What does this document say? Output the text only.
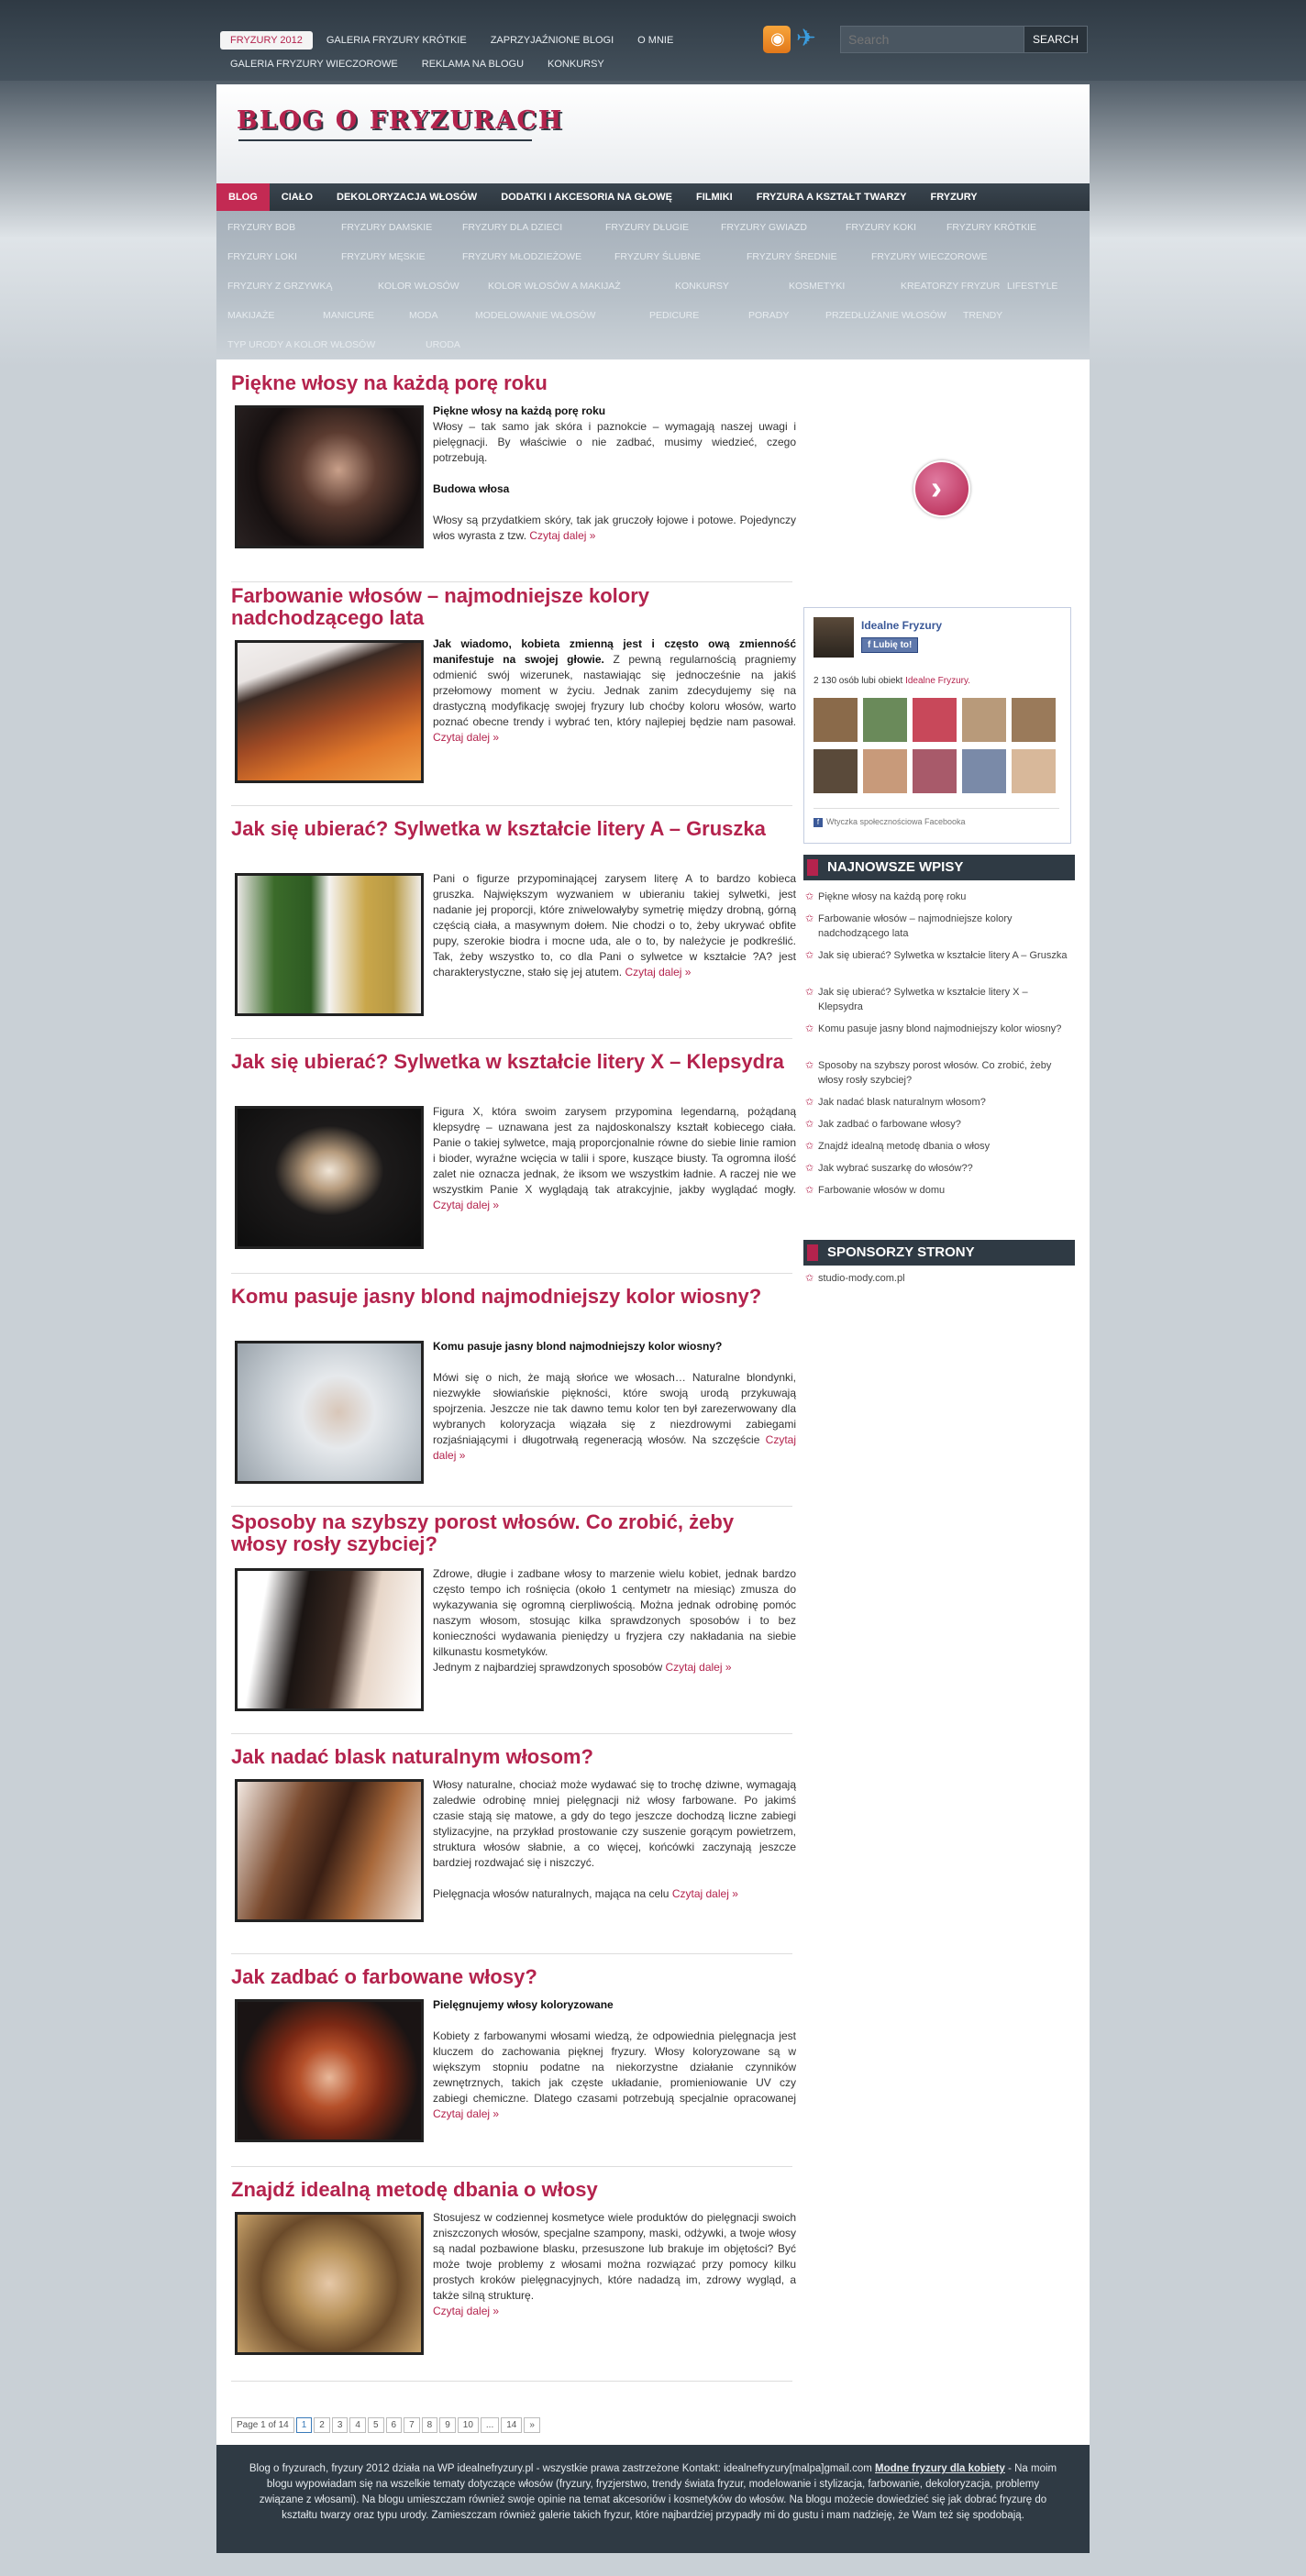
FRYZURY 2012 GALERIA FRYZURY KRÓTKIE ZAPRZYJAŹNIONE BLOGI O MNIEGALERIA FRYZURY WIECZOROWE REKLAMA NA BLOGU KONKURSY
◉ ✈
Search	SEARCH
BLOG O FRYZURACH
BLOG CIAŁO DEKOLORYZACJA WŁOSÓW DODATKI I AKCESORIA NA GŁOWĘ FILMIKI FRYZURA A KSZTAŁT TWARZY FRYZURY
FRYZURY BOB	FRYZURY DAMSKIE	FRYZURY DLA DZIECI	FRYZURY DŁUGIE	FRYZURY GWIAZD	FRYZURY KOKI	FRYZURY KRÓTKIE
FRYZURY LOKI	FRYZURY MĘSKIE	FRYZURY MŁODZIEŻOWE	FRYZURY ŚLUBNE	FRYZURY ŚREDNIE	FRYZURY WIECZOROWE
FRYZURY Z GRZYWKĄ	KOLOR WŁOSÓW	KOLOR WŁOSÓW A MAKIJAŻ	KONKURSY	KOSMETYKI	KREATORZY FRYZUR LIFESTYLE
MAKIJAŻE	MANICURE	MODA	MODELOWANIE WŁOSÓW	PEDICURE	PORADY	PRZEDŁUŻANIE WŁOSÓW TRENDY
TYP URODY A KOLOR WŁOSÓW	URODA
Piękne włosy na każdą porę roku
Piękne włosy na każdą porę roku
Włosy – tak samo jak skóra i paznokcie – wymagają naszej uwagi i pielęgnacji. By właściwie o nie zadbać, musimy wiedzieć, czego potrzebują.

Budowa włosa

Włosy są przydatkiem skóry, tak jak gruczoły łojowe i potowe. Pojedynczy włos wyrasta z tzw. Czytaj dalej »
›
Farbowanie włosów – najmodniejsze kolory nadchodzącego lata
Jak wiadomo, kobieta zmienną jest i często ową zmienność manifestuje na swojej głowie. Z pewną regularnością pragniemy odmienić swój wizerunek, nastawiając się jednocześnie na jakiś przełomowy moment w życiu. Jednak zanim zdecydujemy się na drastyczną modyfikację swojej fryzury lub choćby koloru włosów, warto poznać obecne trendy i wybrać ten, który najlepiej będzie nam pasował. Czytaj dalej »
Jak się ubierać? Sylwetka w kształcie litery A – Gruszka
Pani o figurze przypominającej zarysem literę A to bardzo kobieca gruszka. Największym wyzwaniem w ubieraniu takiej sylwetki, jest nadanie jej proporcji, które zniwelowałyby symetrię między drobną, górną częścią ciała, a masywnym dołem. Nie chodzi o to, żeby ukrywać obfite pupy, szerokie biodra i mocne uda, ale o to, by należycie je podkreślić. Tak, żeby wszystko to, co dla Pani o sylwetce w kształcie ?A? jest charakterystyczne, stało się jej atutem. Czytaj dalej »
Jak się ubierać? Sylwetka w kształcie litery X – Klepsydra
Figura X, która swoim zarysem przypomina legendarną, pożądaną klepsydrę – uznawana jest za najdoskonalszy kształt kobiecego ciała. Panie o takiej sylwetce, mają proporcjonalnie równe do siebie linie ramion i bioder, wyraźne wcięcia w talii i spore, kuszące biusty. Ta ogromna ilość zalet nie oznacza jednak, że iksom we wszystkim ładnie. A raczej nie we wszystkim Panie X wyglądają tak atrakcyjnie, jakby wyglądać mogły. Czytaj dalej »
Komu pasuje jasny blond najmodniejszy kolor wiosny?
Komu pasuje jasny blond najmodniejszy kolor wiosny?

Mówi się o nich, że mają słońce we włosach… Naturalne blondynki, niezwykłe słowiańskie piękności, które swoją urodą przykuwają spojrzenia. Jeszcze nie tak dawno temu kolor ten był zarezerwowany dla wybranych koloryzacja wiązała się z niezdrowymi zabiegami rozjaśniającymi i długotrwałą regeneracją włosów. Na szczęście Czytaj dalej »
Sposoby na szybszy porost włosów. Co zrobić, żeby włosy rosły szybciej?
Zdrowe, długie i zadbane włosy to marzenie wielu kobiet, jednak bardzo często tempo ich rośnięcia (około 1 centymetr na miesiąc) zmusza do wykazywania się ogromną cierpliwością. Można jednak odrobinę pomóc naszym włosom, stosując kilka sprawdzonych sposobów i to bez konieczności wydawania pieniędzy u fryzjera czy nakładania na siebie kilkunastu kosmetyków.
Jednym z najbardziej sprawdzonych sposobów Czytaj dalej »
Jak nadać blask naturalnym włosom?
Włosy naturalne, chociaż może wydawać się to trochę dziwne, wymagają zaledwie odrobinę mniej pielęgnacji niż włosy farbowane. Po jakimś czasie stają się matowe, a gdy do tego jeszcze dochodzą liczne zabiegi stylizacyjne, na przykład prostowanie czy suszenie gorącym powietrzem, struktura włosów słabnie, a co więcej, końcówki zaczynają jeszcze bardziej rozdwajać się i niszczyć.

Pielęgnacja włosów naturalnych, mająca na celu Czytaj dalej »
Jak zadbać o farbowane włosy?
Pielęgnujemy włosy koloryzowane

Kobiety z farbowanymi włosami wiedzą, że odpowiednia pielęgnacja jest kluczem do zachowania pięknej fryzury. Włosy koloryzowane są w większym stopniu podatne na niekorzystne działanie czynników zewnętrznych, takich jak częste układanie, promieniowanie UV czy zabiegi chemiczne. Dlatego czasami potrzebują specjalnie opracowanej Czytaj dalej »
Znajdź idealną metodę dbania o włosy
Stosujesz w codziennej kosmetyce wiele produktów do pielęgnacji swoich zniszczonych włosów, specjalne szampony, maski, odżywki, a twoje włosy są nadal pozbawione blasku, przesuszone lub brakuje im objętości? Być może twoje problemy z włosami można rozwiązać przy pomocy kilku prostych kroków pielęgnacyjnych, które nadadzą im, zdrowy wygląd, a także silną strukturę.
Czytaj dalej »
Page 1 of 14 1 2 3 4 5 6 7 8 9 10 ... 14 »
Idealne Fryzury
f Lubię to!
2 130 osób lubi obiekt Idealne Fryzury.
f Wtyczka społecznościowa Facebooka
NAJNOWSZE WPISY
✩ Piękne włosy na każdą porę roku
✩ Farbowanie włosów – najmodniejsze kolory nadchodzącego lata
✩ Jak się ubierać? Sylwetka w kształcie litery A – Gruszka
✩ Jak się ubierać? Sylwetka w kształcie litery X – Klepsydra
✩ Komu pasuje jasny blond najmodniejszy kolor wiosny?
✩ Sposoby na szybszy porost włosów. Co zrobić, żeby włosy rosły szybciej?
✩ Jak nadać blask naturalnym włosom?
✩ Jak zadbać o farbowane włosy?
✩ Znajdź idealną metodę dbania o włosy
✩ Jak wybrać suszarkę do włosów??
✩ Farbowanie włosów w domu
SPONSORZY STRONY
✩ studio-mody.com.pl

Blog o fryzurach, fryzury 2012 działa na WP idealnefryzury.pl - wszystkie prawa zastrzeżone Kontakt: idealnefryzury[malpa]gmail.com Modne fryzury dla kobiety - Na moim blogu wypowiadam się na wszelkie tematy dotyczące włosów (fryzury, fryzjerstwo, trendy świata fryzur, modelowanie i stylizacja, farbowanie, dekoloryzacja, problemy związane z włosami). Na blogu umieszczam również swoje opinie na temat akcesoriów i kosmetyków do włosów. Na blogu możecie dowiedzieć się jak dobrać fryzurę do kształtu twarzy oraz typu urody. Zamieszczam również galerie takich fryzur, które najbardziej przypadły mi do gustu i mam nadzieję, że Wam też się spodobają.
